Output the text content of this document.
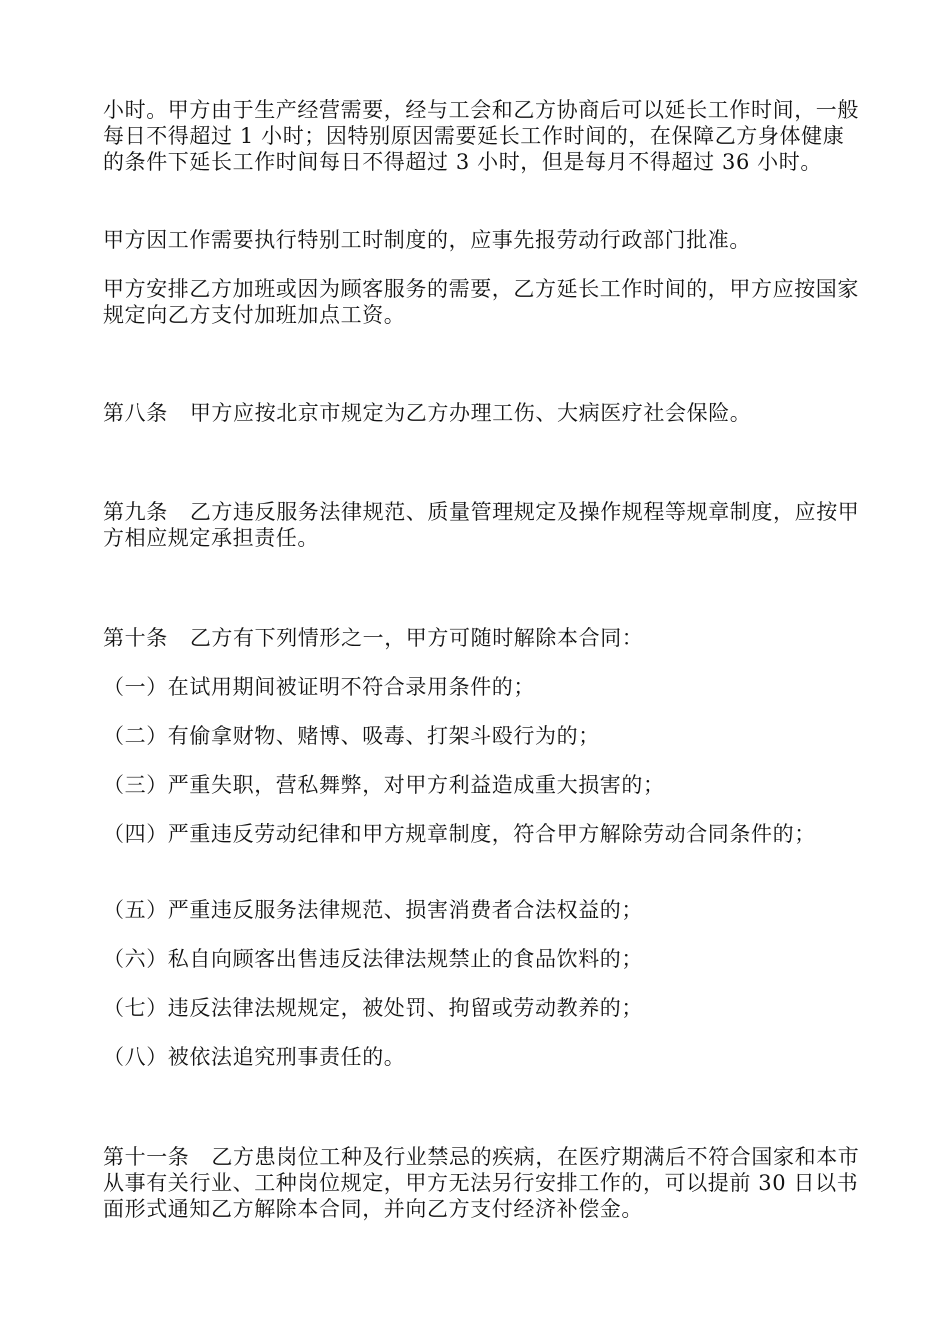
小时。甲方由于生产经营需要，经与工会和乙方协商后可以延长工作时间，一般每日不得超过 1 小时；因特别原因需要延长工作时间的，在保障乙方身体健康的条件下延长工作时间每日不得超过 3 小时，但是每月不得超过 36 小时。

甲方因工作需要执行特别工时制度的，应事先报劳动行政部门批准。

甲方安排乙方加班或因为顾客服务的需要，乙方延长工作时间的，甲方应按国家规定向乙方支付加班加点工资。

第八条 甲方应按北京市规定为乙方办理工伤、大病医疗社会保险。

第九条 乙方违反服务法律规范、质量管理规定及操作规程等规章制度，应按甲方相应规定承担责任。

第十条 乙方有下列情形之一，甲方可随时解除本合同：

（一）在试用期间被证明不符合录用条件的；

（二）有偷拿财物、赌博、吸毒、打架斗殴行为的；

（三）严重失职，营私舞弊，对甲方利益造成重大损害的；

（四）严重违反劳动纪律和甲方规章制度，符合甲方解除劳动合同条件的；

（五）严重违反服务法律规范、损害消费者合法权益的；

（六）私自向顾客出售违反法律法规禁止的食品饮料的；

（七）违反法律法规规定，被处罚、拘留或劳动教养的；

（八）被依法追究刑事责任的。

第十一条 乙方患岗位工种及行业禁忌的疾病，在医疗期满后不符合国家和本市从事有关行业、工种岗位规定，甲方无法另行安排工作的，可以提前 30 日以书面形式通知乙方解除本合同，并向乙方支付经济补偿金。
